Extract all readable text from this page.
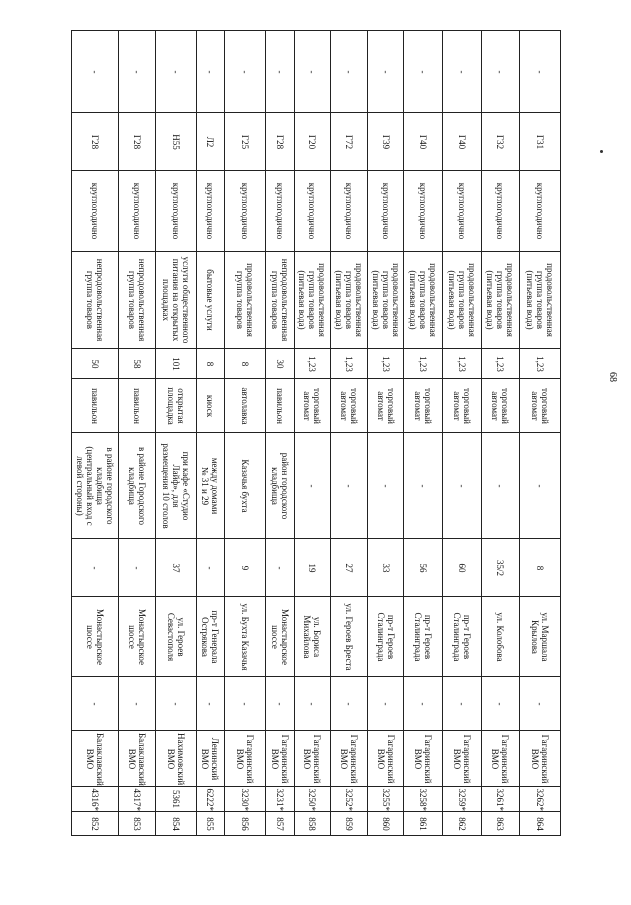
68
852
4316*
Балаклавский
ВМО
-
Монастырское
шоссе
-
в районе городского
кладбища
(центральный вход с
левой стороны)
павильон
50
непродовольственная
группа товаров
круглогодично
Г28
-
853
4317*
Балаклавский
ВМО
-
Монастырское
шоссе
-
в районе Городского
кладбища
павильон
58
непродовольственная
группа товаров
круглогодично
Г28
-
854
5361
Нахимовский
ВМО
-
ул. Героев
Севастополя
37
при кафе «Студио
Лайф», для
размещения 10 столов
открытая
площадка
101
услуги общественного
питания на открытых
площадках
круглогодично
Н55
-
855
6222*
Ленинский ВМО
-
пр-т Генерала
Острякова
-
между домами
№ 31 и 29
киоск
8
бытовые услуги
круглогодично
Л2
-
856
3230*
Гагаринский
ВМО
-
ул. Бухта Казачья
9
Казачья бухта
автолавка
8
продовольственная
группа товаров
круглогодично
Г25
-
857
3231*
Гагаринский
ВМО
-
Монастырское
шоссе
-
район городского
кладбища
павильон
30
непродовольственная
группа товаров
круглогодично
Г28
-
858
3250*
Гагаринский
ВМО
-
ул. Бориса
Михайлова
19
-
торговый
автомат
1,23
продовольственная
группа товаров
(питьевая вода)
круглогодично
Г20
-
859
3252*
Гагаринский
ВМО
-
ул. Героев Бреста
27
-
торговый
автомат
1,23
продовольственная
группа товаров
(питьевая вода)
круглогодично
Г72
-
860
3255*
Гагаринский
ВМО
-
пр-т Героев
Сталинграда
33
-
торговый
автомат
1,23
продовольственная
группа товаров
(питьевая вода)
круглогодично
Г39
-
861
3258*
Гагаринский
ВМО
-
пр-т Героев
Сталинграда
56
-
торговый
автомат
1,23
продовольственная
группа товаров
(питьевая вода)
круглогодично
Г40
-
862
3259*
Гагаринский
ВМО
-
пр-т Героев
Сталинграда
60
-
торговый
автомат
1,23
продовольственная
группа товаров
(питьевая вода)
круглогодично
Г40
-
863
3261*
Гагаринский
ВМО
-
ул. Колобова
35/2
-
торговый
автомат
1,23
продовольственная
группа товаров
(питьевая вода)
круглогодично
Г32
-
864
3262*
Гагаринский
ВМО
-
ул. Маршала
Крылова
8
-
торговый
автомат
1,23
продовольственная
группа товаров
(питьевая вода)
круглогодично
Г31
-
